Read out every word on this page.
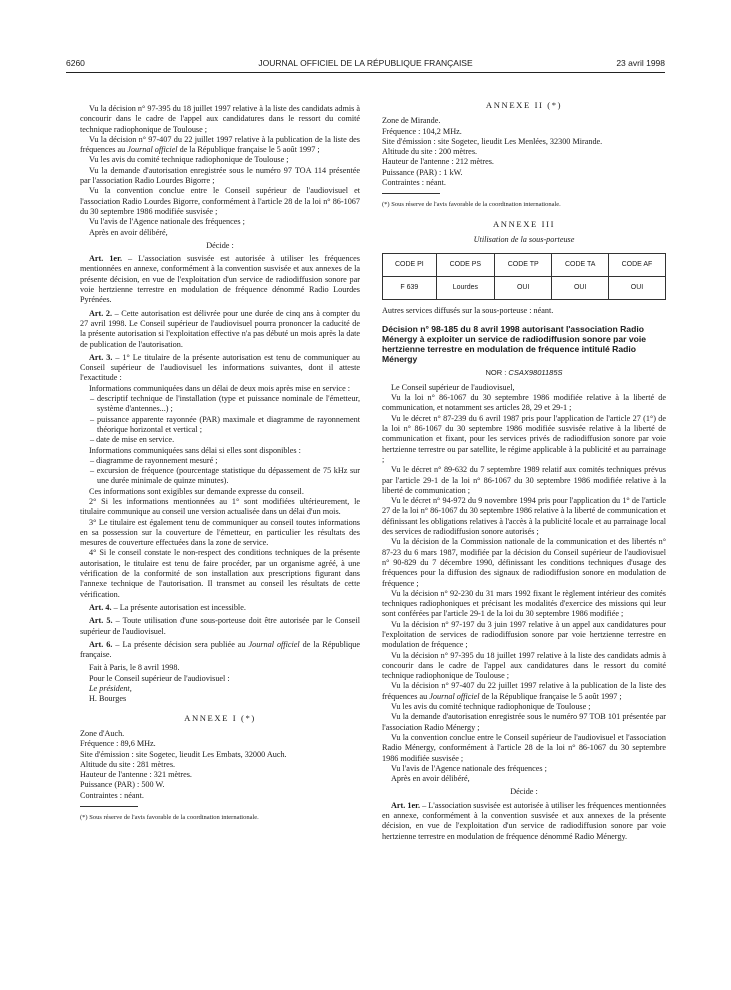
6260	JOURNAL OFFICIEL DE LA RÉPUBLIQUE FRANÇAISE	23 avril 1998

Vu la décision n° 97-395 du 18 juillet 1997 relative à la liste des candidats admis à concourir dans le cadre de l'appel aux candidatures dans le ressort du comité technique radiophonique de Toulouse ;

Vu la décision n° 97-407 du 22 juillet 1997 relative à la publication de la liste des fréquences au Journal officiel de la République française le 5 août 1997 ;

Vu les avis du comité technique radiophonique de Toulouse ;

Vu la demande d'autorisation enregistrée sous le numéro 97 TOA 114 présentée par l'association Radio Lourdes Bigorre ;

Vu la convention conclue entre le Conseil supérieur de l'audiovisuel et l'association Radio Lourdes Bigorre, conformément à l'article 28 de la loi n° 86-1067 du 30 septembre 1986 modifiée susvisée ;

Vu l'avis de l'Agence nationale des fréquences ;

Après en avoir délibéré,

Décide :

Art. 1er. – L'association susvisée est autorisée à utiliser les fréquences mentionnées en annexe, conformément à la convention susvisée et aux annexes de la présente décision, en vue de l'exploitation d'un service de radiodiffusion sonore par voie hertzienne terrestre en modulation de fréquence dénommé Radio Lourdes Pyrénées.

Art. 2. – Cette autorisation est délivrée pour une durée de cinq ans à compter du 27 avril 1998. Le Conseil supérieur de l'audiovisuel pourra prononcer la caducité de la présente autorisation si l'exploitation effective n'a pas débuté un mois après la date de publication de l'autorisation.

Art. 3. – 1° Le titulaire de la présente autorisation est tenu de communiquer au Conseil supérieur de l'audiovisuel les informations suivantes, dont il atteste l'exactitude :

Informations communiquées dans un délai de deux mois après mise en service :

– descriptif technique de l'installation (type et puissance nominale de l'émetteur, système d'antennes...) ;
– puissance apparente rayonnée (PAR) maximale et diagramme de rayonnement théorique horizontal et vertical ;
– date de mise en service.

Informations communiquées sans délai si elles sont disponibles :

– diagramme de rayonnement mesuré ;
– excursion de fréquence (pourcentage statistique du dépassement de 75 kHz sur une durée minimale de quinze minutes).

Ces informations sont exigibles sur demande expresse du conseil.

2° Si les informations mentionnées au 1° sont modifiées ultérieurement, le titulaire communique au conseil une version actualisée dans un délai d'un mois.

3° Le titulaire est également tenu de communiquer au conseil toutes informations en sa possession sur la couverture de l'émetteur, en particulier les résultats des mesures de couverture effectuées dans la zone de service.

4° Si le conseil constate le non-respect des conditions techniques de la présente autorisation, le titulaire est tenu de faire procéder, par un organisme agréé, à une vérification de la conformité de son installation aux prescriptions figurant dans l'annexe technique de l'autorisation. Il transmet au conseil les résultats de cette vérification.

Art. 4. – La présente autorisation est incessible.

Art. 5. – Toute utilisation d'une sous-porteuse doit être autorisée par le Conseil supérieur de l'audiovisuel.

Art. 6. – La présente décision sera publiée au Journal officiel de la République française.

Fait à Paris, le 8 avril 1998.

Pour le Conseil supérieur de l'audiovisuel :

Le président,

H. Bourges

ANNEXE I (*)

Zone d'Auch.

Fréquence : 89,6 MHz.

Site d'émission : site Sogetec, lieudit Les Embats, 32000 Auch.

Altitude du site : 281 mètres.

Hauteur de l'antenne : 321 mètres.

Puissance (PAR) : 500 W.

Contraintes : néant.

(*) Sous réserve de l'avis favorable de la coordination internationale.

ANNEXE II (*)

Zone de Mirande.

Fréquence : 104,2 MHz.

Site d'émission : site Sogetec, lieudit Les Menlées, 32300 Mirande.

Altitude du site : 200 mètres.

Hauteur de l'antenne : 212 mètres.

Puissance (PAR) : 1 kW.

Contraintes : néant.

(*) Sous réserve de l'avis favorable de la coordination internationale.

ANNEXE III
Utilisation de la sous-porteuse
CODE PI	CODE PS	CODE TP	CODE TA	CODE AF
F 639	Lourdes	OUI	OUI	OUI

Autres services diffusés sur la sous-porteuse : néant.

Décision n° 98-185 du 8 avril 1998 autorisant l'association Radio Ménergy à exploiter un service de radiodiffusion sonore par voie hertzienne terrestre en modulation de fréquence intitulé Radio Ménergy

NOR : CSAX9801185S

Le Conseil supérieur de l'audiovisuel,

Vu la loi n° 86-1067 du 30 septembre 1986 modifiée relative à la liberté de communication, et notamment ses articles 28, 29 et 29-1 ;

Vu le décret n° 87-239 du 6 avril 1987 pris pour l'application de l'article 27 (1°) de la loi n° 86-1067 du 30 septembre 1986 modifiée susvisée relative à la liberté de communication et fixant, pour les services privés de radiodiffusion sonore par voie hertzienne terrestre ou par satellite, le régime applicable à la publicité et au parrainage ;

Vu le décret n° 89-632 du 7 septembre 1989 relatif aux comités techniques prévus par l'article 29-1 de la loi n° 86-1067 du 30 septembre 1986 modifiée relative à la liberté de communication ;

Vu le décret n° 94-972 du 9 novembre 1994 pris pour l'application du 1° de l'article 27 de la loi n° 86-1067 du 30 septembre 1986 relative à la liberté de communication et définissant les obligations relatives à l'accès à la publicité locale et au parrainage local des services de radiodiffusion sonore autorisés ;

Vu la décision de la Commission nationale de la communication et des libertés n° 87-23 du 6 mars 1987, modifiée par la décision du Conseil supérieur de l'audiovisuel n° 90-829 du 7 décembre 1990, définissant les conditions techniques d'usage des fréquences pour la diffusion des signaux de radiodiffusion sonore en modulation de fréquence ;

Vu la décision n° 92-230 du 31 mars 1992 fixant le règlement intérieur des comités techniques radiophoniques et précisant les modalités d'exercice des missions qui leur sont conférées par l'article 29-1 de la loi du 30 septembre 1986 modifiée ;

Vu la décision n° 97-197 du 3 juin 1997 relative à un appel aux candidatures pour l'exploitation de services de radiodiffusion sonore par voie hertzienne terrestre en modulation de fréquence ;

Vu la décision n° 97-395 du 18 juillet 1997 relative à la liste des candidats admis à concourir dans le cadre de l'appel aux candidatures dans le ressort du comité technique radiophonique de Toulouse ;

Vu la décision n° 97-407 du 22 juillet 1997 relative à la publication de la liste des fréquences au Journal officiel de la République française le 5 août 1997 ;

Vu les avis du comité technique radiophonique de Toulouse ;

Vu la demande d'autorisation enregistrée sous le numéro 97 TOB 101 présentée par l'association Radio Ménergy ;

Vu la convention conclue entre le Conseil supérieur de l'audiovisuel et l'association Radio Ménergy, conformément à l'article 28 de la loi n° 86-1067 du 30 septembre 1986 modifiée susvisée ;

Vu l'avis de l'Agence nationale des fréquences ;

Après en avoir délibéré,

Décide :

Art. 1er. – L'association susvisée est autorisée à utiliser les fréquences mentionnées en annexe, conformément à la convention susvisée et aux annexes de la présente décision, en vue de l'exploitation d'un service de radiodiffusion sonore par voie hertzienne terrestre en modulation de fréquence dénommé Radio Ménergy.
